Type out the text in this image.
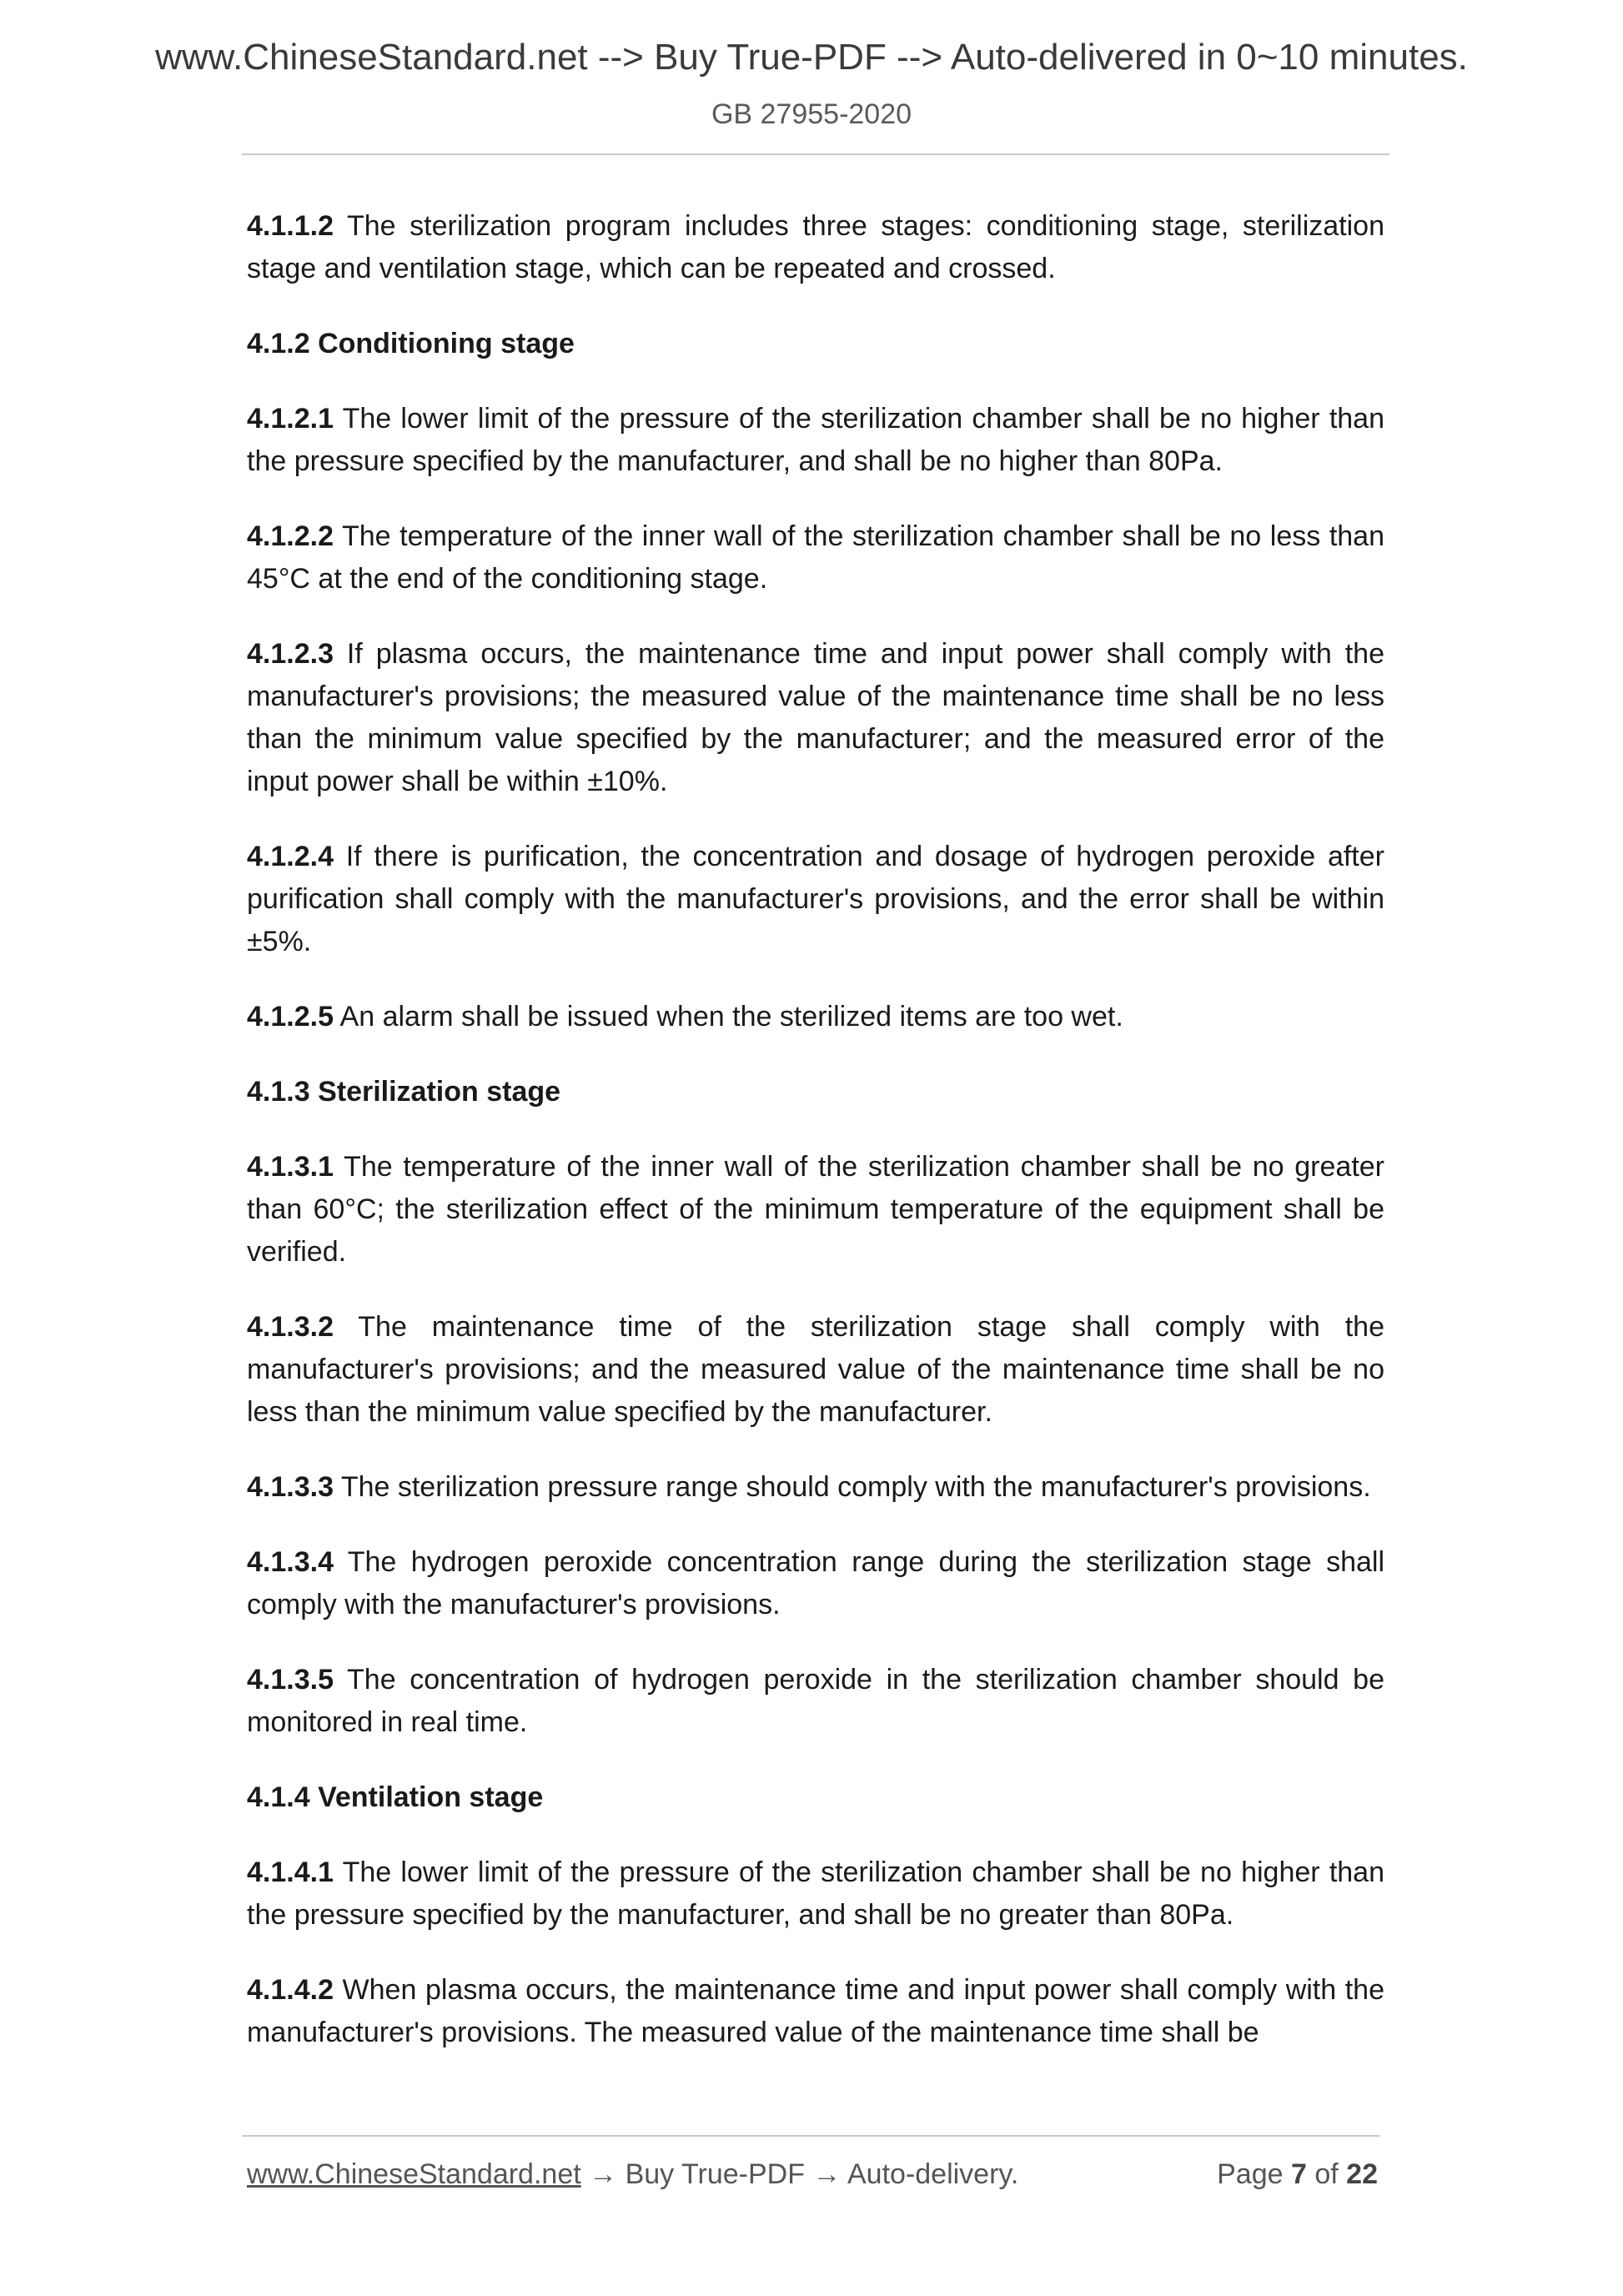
www.ChineseStandard.net --> Buy True-PDF --> Auto-delivered in 0~10 minutes.
GB 27955-2020

4.1.1.2 The sterilization program includes three stages: conditioning stage, sterilization stage and ventilation stage, which can be repeated and crossed.

4.1.2 Conditioning stage

4.1.2.1 The lower limit of the pressure of the sterilization chamber shall be no higher than the pressure specified by the manufacturer, and shall be no higher than 80Pa.

4.1.2.2 The temperature of the inner wall of the sterilization chamber shall be no less than 45°C at the end of the conditioning stage.

4.1.2.3 If plasma occurs, the maintenance time and input power shall comply with the manufacturer's provisions; the measured value of the maintenance time shall be no less than the minimum value specified by the manufacturer; and the measured error of the input power shall be within ±10%.

4.1.2.4 If there is purification, the concentration and dosage of hydrogen peroxide after purification shall comply with the manufacturer's provisions, and the error shall be within ±5%.

4.1.2.5 An alarm shall be issued when the sterilized items are too wet.

4.1.3 Sterilization stage

4.1.3.1 The temperature of the inner wall of the sterilization chamber shall be no greater than 60°C; the sterilization effect of the minimum temperature of the equipment shall be verified.

4.1.3.2 The maintenance time of the sterilization stage shall comply with the manufacturer's provisions; and the measured value of the maintenance time shall be no less than the minimum value specified by the manufacturer.

4.1.3.3 The sterilization pressure range should comply with the manufacturer's provisions.

4.1.3.4 The hydrogen peroxide concentration range during the sterilization stage shall comply with the manufacturer's provisions.

4.1.3.5 The concentration of hydrogen peroxide in the sterilization chamber should be monitored in real time.

4.1.4 Ventilation stage

4.1.4.1 The lower limit of the pressure of the sterilization chamber shall be no higher than the pressure specified by the manufacturer, and shall be no greater than 80Pa.

4.1.4.2 When plasma occurs, the maintenance time and input power shall comply with the manufacturer's provisions. The measured value of the maintenance time shall be

www.ChineseStandard.net → Buy True-PDF → Auto-delivery.	Page 7 of 22
